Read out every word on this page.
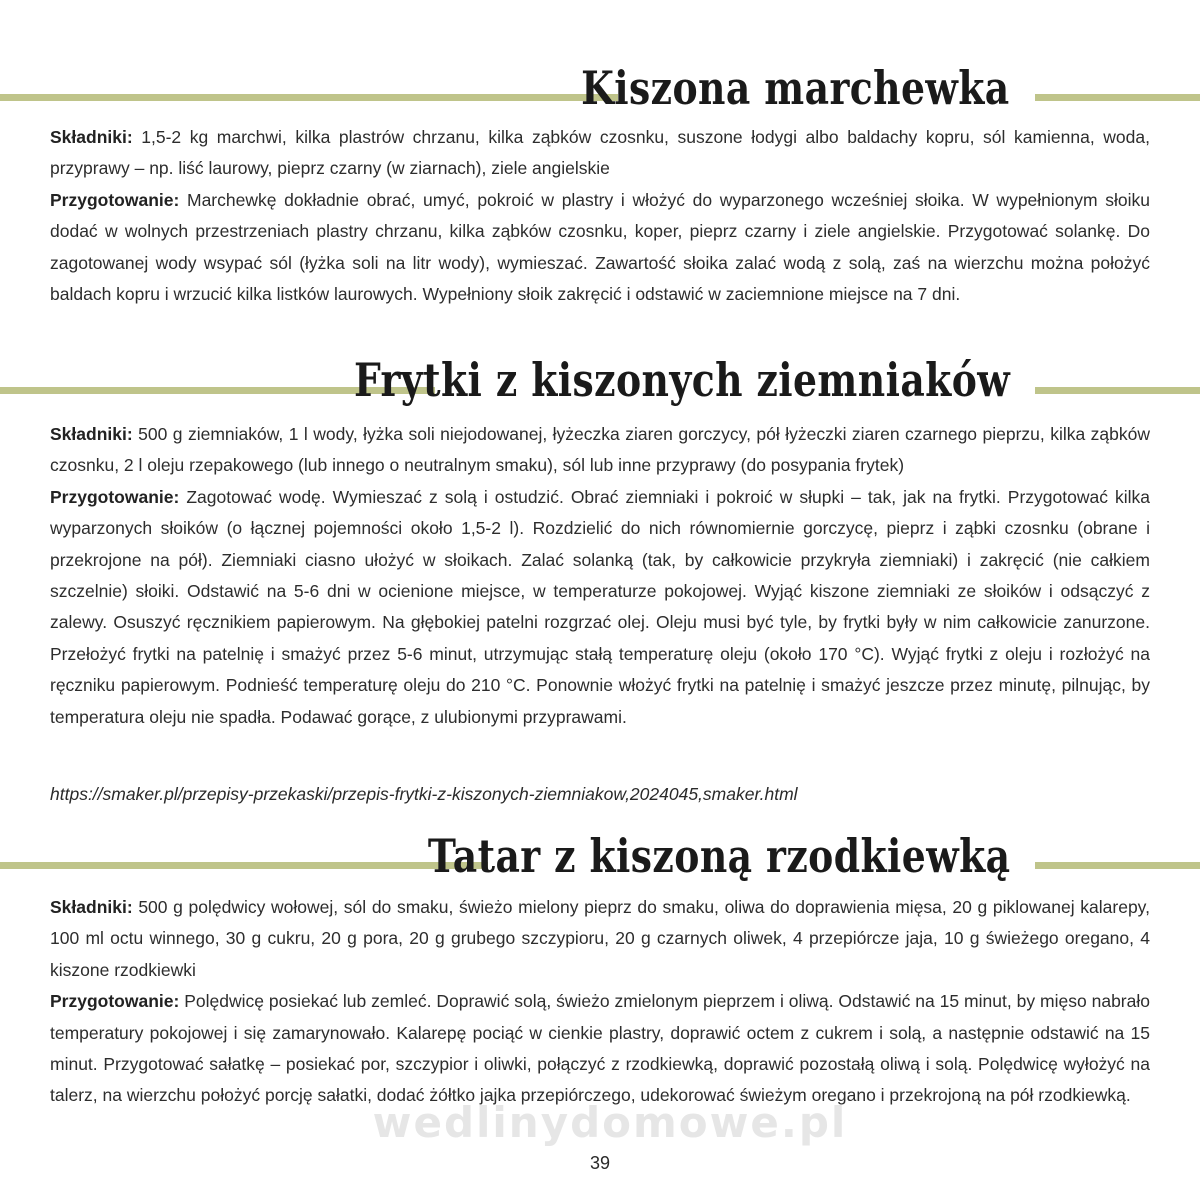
Kiszona marchewka

Składniki: 1,5-2 kg marchwi, kilka plastrów chrzanu, kilka ząbków czosnku, suszone łodygi albo baldachy kopru, sól kamienna, woda, przyprawy – np. liść laurowy, pieprz czarny (w ziarnach), ziele angielskie

Przygotowanie: Marchewkę dokładnie obrać, umyć, pokroić w plastry i włożyć do wyparzonego wcześniej słoika. W wypełnionym słoiku dodać w wolnych przestrzeniach plastry chrzanu, kilka ząbków czosnku, koper, pieprz czarny i ziele angielskie. Przygotować solankę. Do zagotowanej wody wsypać sól (łyżka soli na litr wody), wymieszać. Zawartość słoika zalać wodą z solą, zaś na wierzchu można położyć baldach kopru i wrzucić kilka listków laurowych. Wypełniony słoik zakręcić i odstawić w zaciemnione miejsce na 7 dni.

Frytki z kiszonych ziemniaków

Składniki: 500 g ziemniaków, 1 l wody, łyżka soli niejodowanej, łyżeczka ziaren gorczycy, pół łyżeczki ziaren czarnego pieprzu, kilka ząbków czosnku, 2 l oleju rzepakowego (lub innego o neutralnym smaku), sól lub inne przyprawy (do posypania frytek)

Przygotowanie: Zagotować wodę. Wymieszać z solą i ostudzić. Obrać ziemniaki i pokroić w słupki – tak, jak na frytki. Przygotować kilka wyparzonych słoików (o łącznej pojemności około 1,5-2 l). Rozdzielić do nich równomiernie gorczycę, pieprz i ząbki czosnku (obrane i przekrojone na pół). Ziemniaki ciasno ułożyć w słoikach. Zalać solanką (tak, by całkowicie przykryła ziemniaki) i zakręcić (nie całkiem szczelnie) słoiki. Odstawić na 5-6 dni w ocienione miejsce, w temperaturze pokojowej. Wyjąć kiszone ziemniaki ze słoików i odsączyć z zalewy. Osuszyć ręcznikiem papierowym. Na głębokiej patelni rozgrzać olej. Oleju musi być tyle, by frytki były w nim całkowicie zanurzone. Przełożyć frytki na patelnię i smażyć przez 5-6 minut, utrzymując stałą temperaturę oleju (około 170 °C). Wyjąć frytki z oleju i rozłożyć na ręczniku papierowym. Podnieść temperaturę oleju do 210 °C. Ponownie włożyć frytki na patelnię i smażyć jeszcze przez minutę, pilnując, by temperatura oleju nie spadła. Podawać gorące, z ulubionymi przyprawami.

https://smaker.pl/przepisy-przekaski/przepis-frytki-z-kiszonych-ziemniakow,2024045,smaker.html
Tatar z kiszoną rzodkiewką

Składniki: 500 g polędwicy wołowej, sól do smaku, świeżo mielony pieprz do smaku, oliwa do doprawienia mięsa, 20 g piklowanej kalarepy, 100 ml octu winnego, 30 g cukru, 20 g pora, 20 g grubego szczypioru, 20 g czarnych oliwek, 4 przepiórcze jaja, 10 g świeżego oregano, 4 kiszone rzodkiewki

Przygotowanie: Polędwicę posiekać lub zemleć. Doprawić solą, świeżo zmielonym pieprzem i oliwą. Odstawić na 15 minut, by mięso nabrało temperatury pokojowej i się zamarynowało. Kalarepę pociąć w cienkie plastry, doprawić octem z cukrem i solą, a następnie odstawić na 15 minut. Przygotować sałatkę – posiekać por, szczypior i oliwki, połączyć z rzodkiewką, doprawić pozostałą oliwą i solą. Polędwicę wyłożyć na talerz, na wierzchu położyć porcję sałatki, dodać żółtko jajka przepiórczego, udekorować świeżym oregano i przekrojoną na pół rzodkiewką.

wedlinydomowe.pl
39
